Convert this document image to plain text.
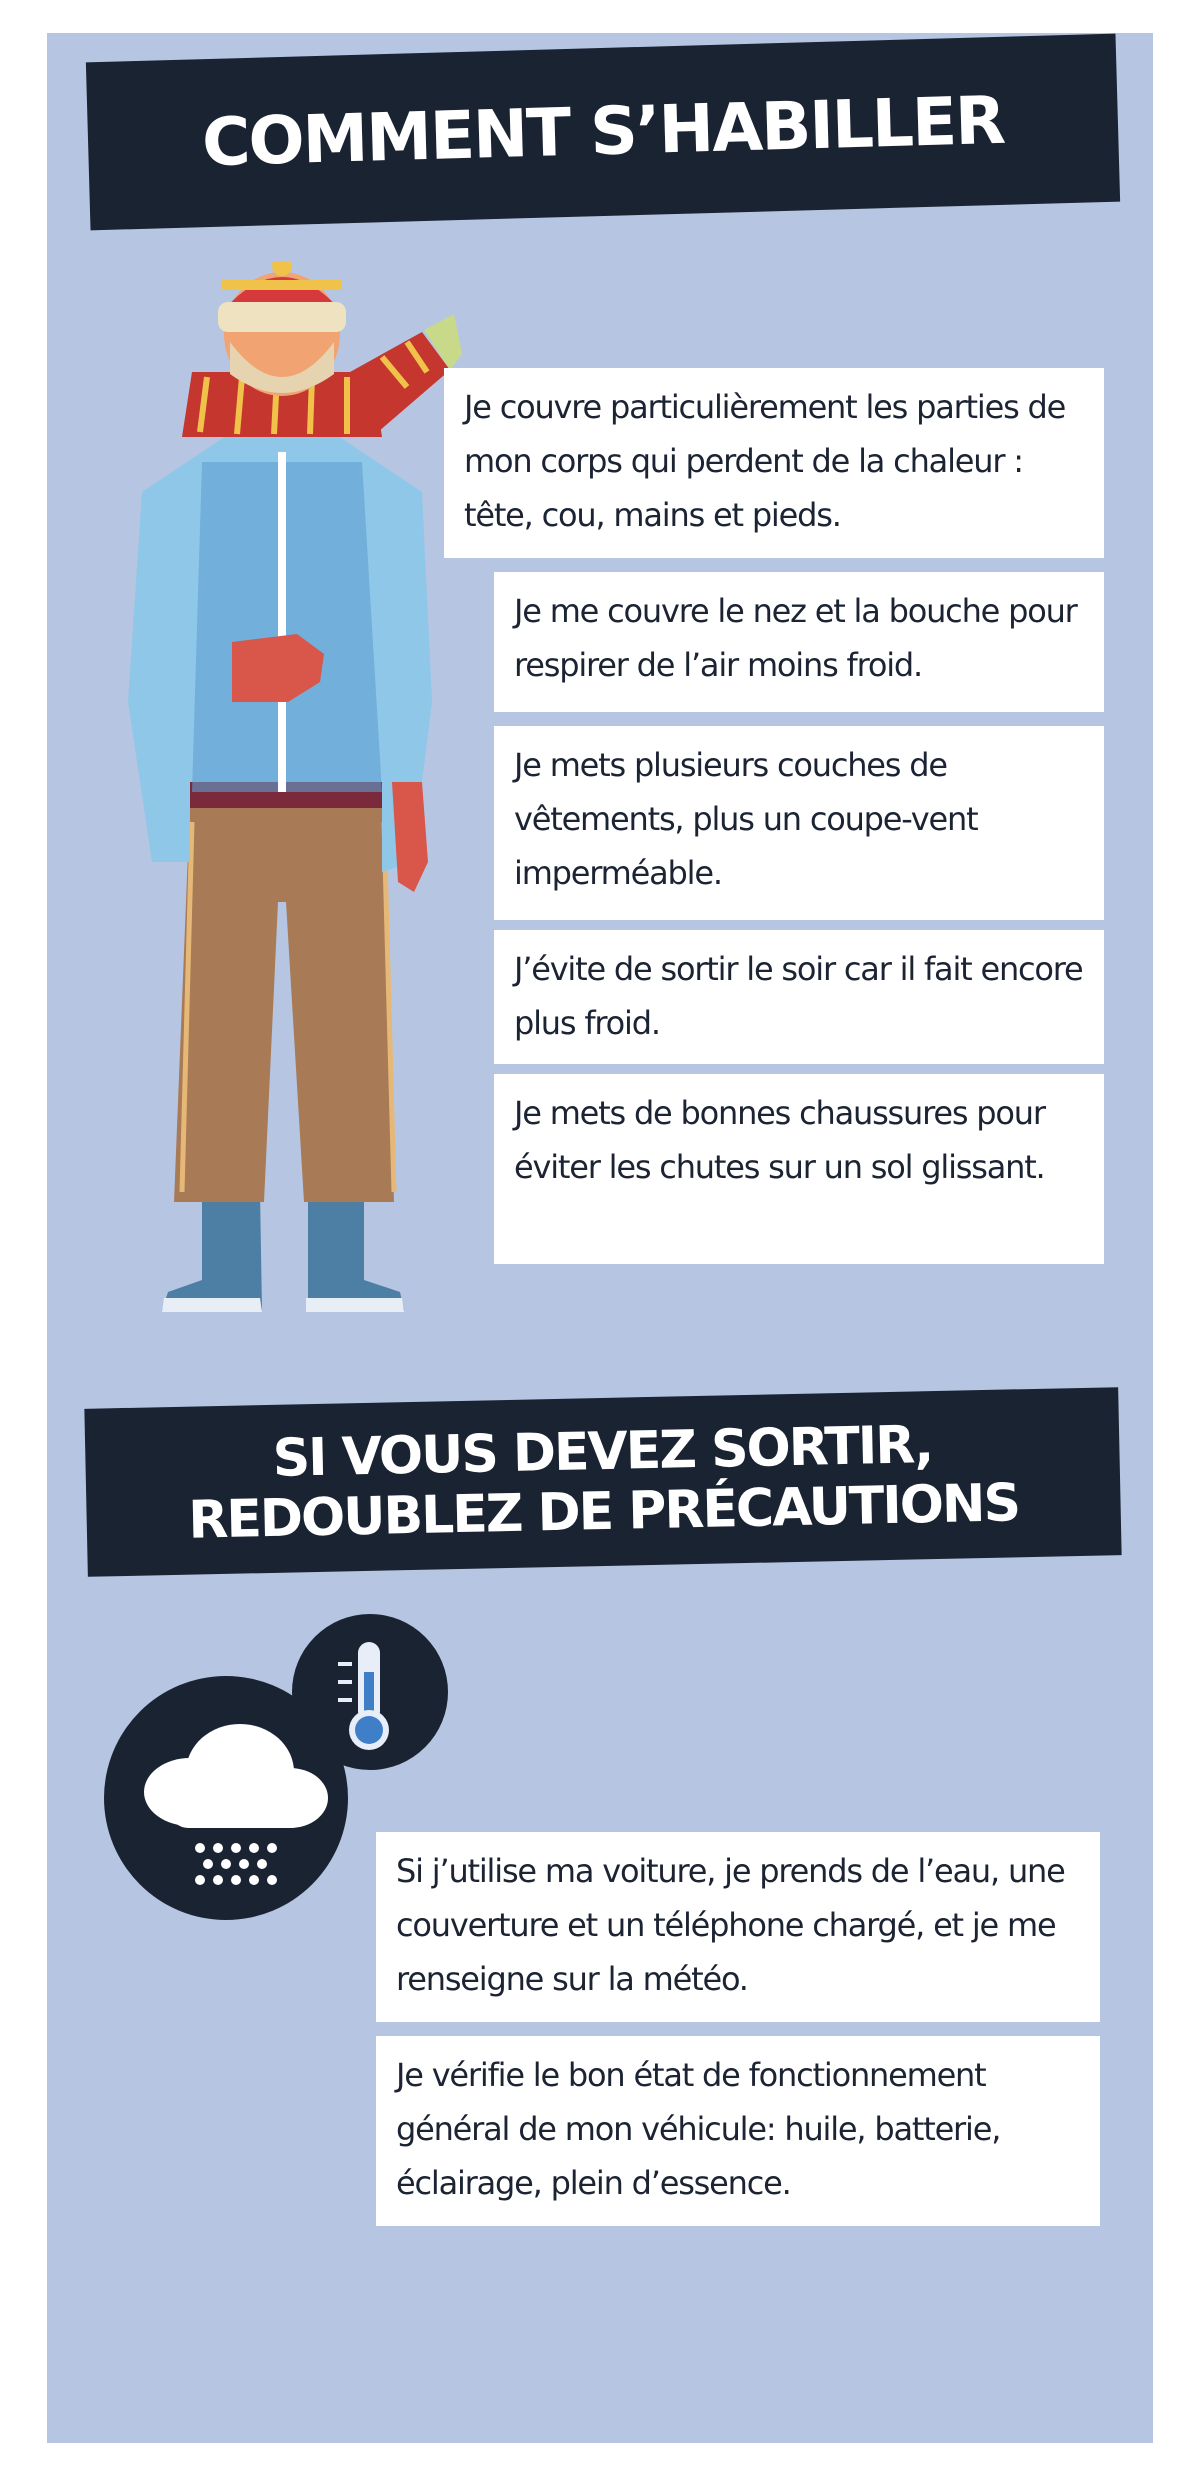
COMMENT S’HABILLER
Je couvre particulièrement les parties de mon corps qui perdent de la chaleur : tête, cou, mains et pieds.
Je me couvre le nez et la bouche pour respirer de l’air moins froid.
Je mets plusieurs couches de vêtements, plus un coupe-vent imperméable.
J’évite de sortir le soir car il fait encore plus froid.
Je mets de bonnes chaussures pour éviter les chutes sur un sol glissant.
SI VOUS DEVEZ SORTIR,
REDOUBLEZ DE PRÉCAUTIONS
Si j’utilise ma voiture, je prends de l’eau, une couverture et un téléphone chargé, et je me renseigne sur la météo.
Je vérifie le bon état de fonctionnement général de mon véhicule: huile, batterie, éclairage, plein d’essence.
